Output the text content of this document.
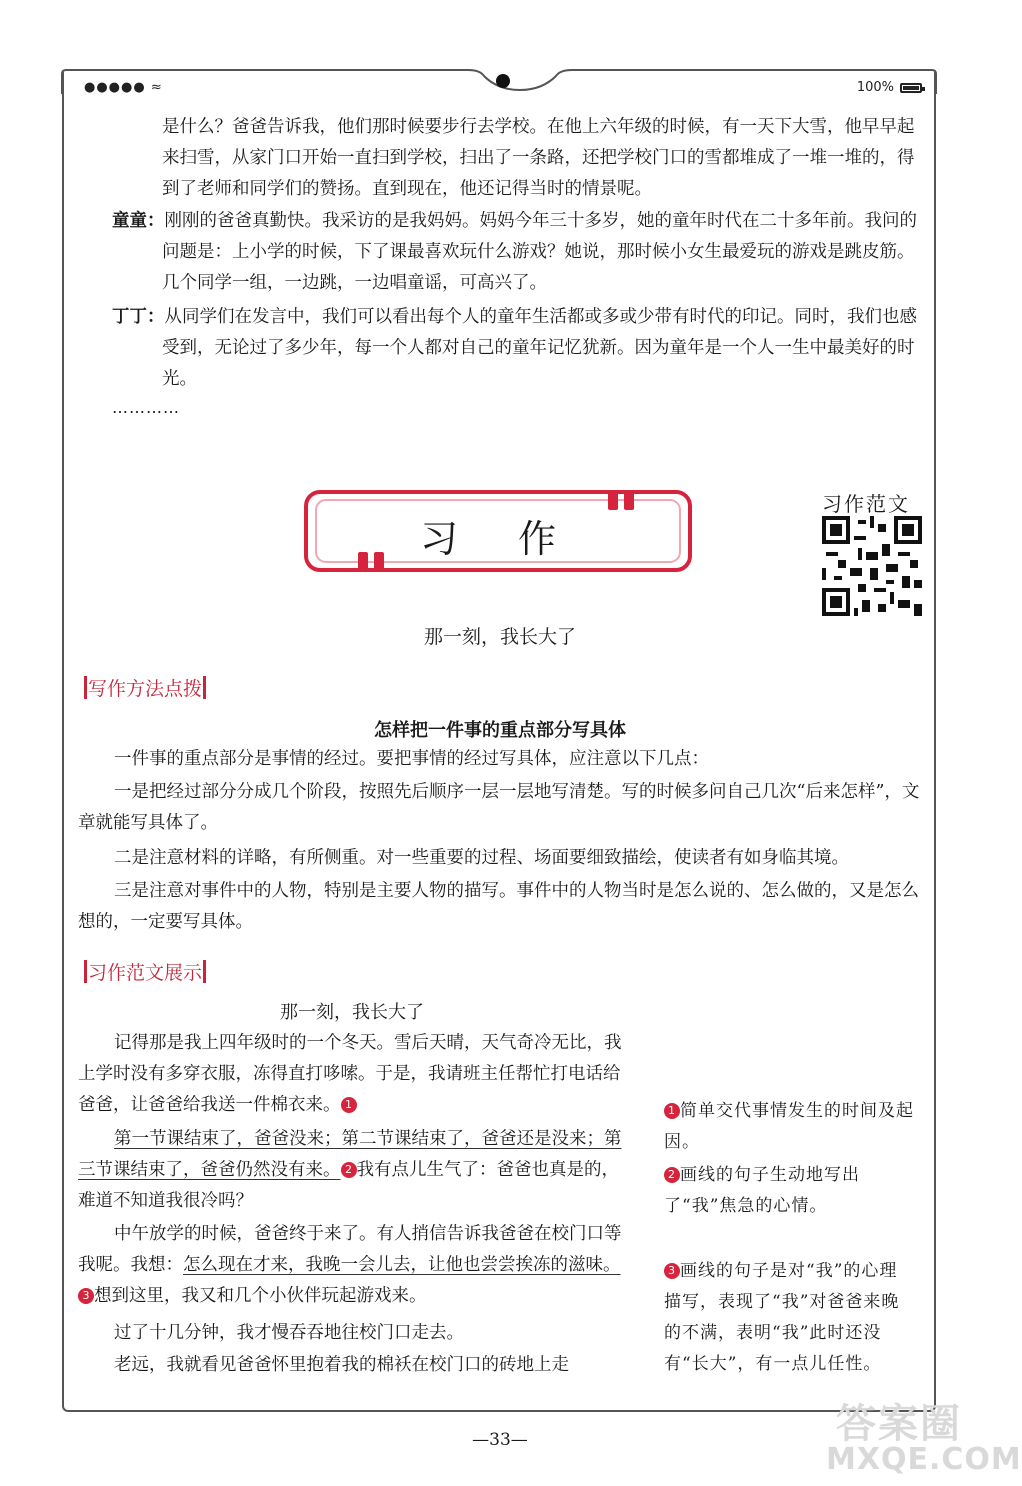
●●●●● ≈	100%
是什么？爸爸告诉我，他们那时候要步行去学校。在他上六年级的时候，有一天下大雪，他早早起来扫雪，从家门口开始一直扫到学校，扫出了一条路，还把学校门口的雪都堆成了一堆一堆的，得到了老师和同学们的赞扬。直到现在，他还记得当时的情景呢。
童童：刚刚的爸爸真勤快。我采访的是我妈妈。妈妈今年三十多岁，她的童年时代在二十多年前。我问的问题是：上小学的时候，下了课最喜欢玩什么游戏？她说，那时候小女生最爱玩的游戏是跳皮筋。几个同学一组，一边跳，一边唱童谣，可高兴了。
丁丁：从同学们在发言中，我们可以看出每个人的童年生活都或多或少带有时代的印记。同时，我们也感受到，无论过了多少年，每一个人都对自己的童年记忆犹新。因为童年是一个人一生中最美好的时光。
…………
习作
习作范文
那一刻，我长大了
写作方法点拨
怎样把一件事的重点部分写具体
一件事的重点部分是事情的经过。要把事情的经过写具体，应注意以下几点：
一是把经过部分分成几个阶段，按照先后顺序一层一层地写清楚。写的时候多问自己几次“后来怎样”，文章就能写具体了。
二是注意材料的详略，有所侧重。对一些重要的过程、场面要细致描绘，使读者有如身临其境。
三是注意对事件中的人物，特别是主要人物的描写。事件中的人物当时是怎么说的、怎么做的，又是怎么想的，一定要写具体。
习作范文展示
那一刻，我长大了
记得那是我上四年级时的一个冬天。雪后天晴，天气奇冷无比，我上学时没有多穿衣服，冻得直打哆嗦。于是，我请班主任帮忙打电话给爸爸，让爸爸给我送一件棉衣来。 1
第一节课结束了，爸爸没来；第二节课结束了，爸爸还是没来；第三节课结束了，爸爸仍然没有来。 2 我有点儿生气了：爸爸也真是的，难道不知道我很冷吗？
中午放学的时候，爸爸终于来了。有人捎信告诉我爸爸在校门口等我呢。我想：怎么现在才来，我晚一会儿去，让他也尝尝挨冻的滋味。3 想到这里，我又和几个小伙伴玩起游戏来。
过了十几分钟，我才慢吞吞地往校门口走去。
老远，我就看见爸爸怀里抱着我的棉袄在校门口的砖地上走
1 简单交代事情发生的时间及起因。
2 画线的句子生动地写出了“我”焦急的心情。
3 画线的句子是对“我”的心理描写，表现了“我”对爸爸来晚的不满，表明“我”此时还没有“长大”，有一点儿任性。
—33—	答案圈
MXQE.COM
